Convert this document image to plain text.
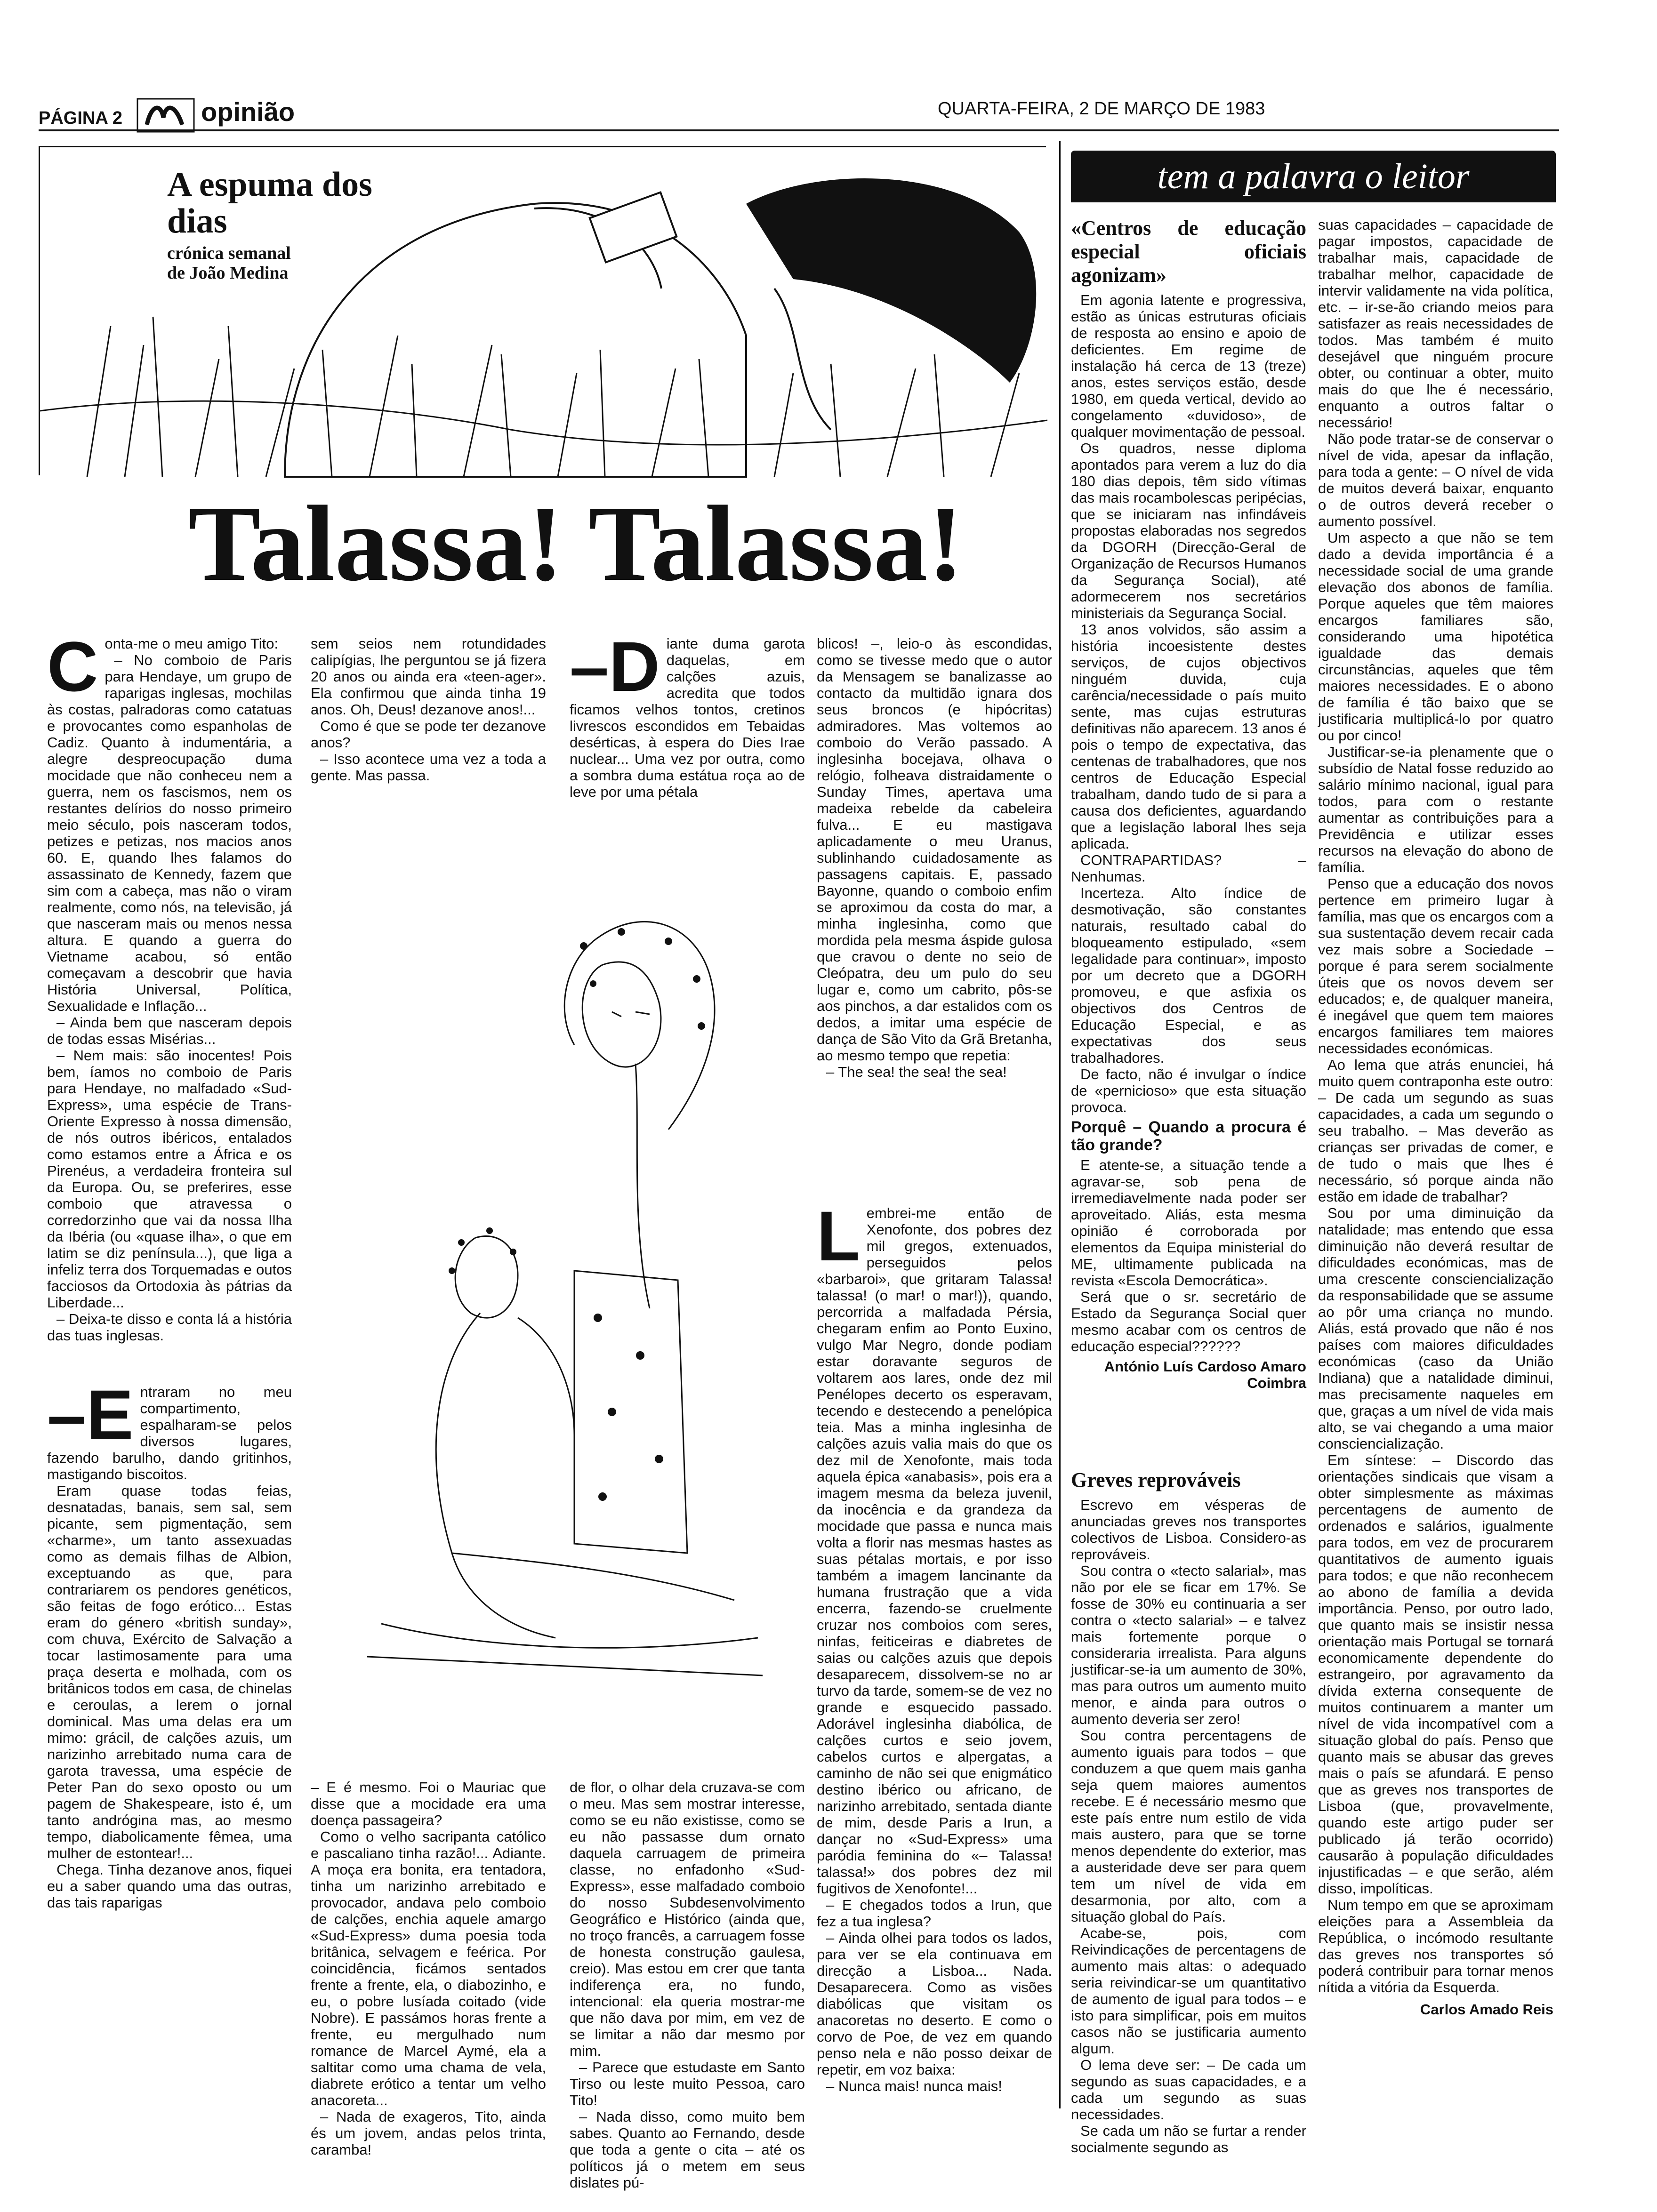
PÁGINA 2	opinião	QUARTA-FEIRA, 2 DE MARÇO DE 1983
A espuma dos dias
crónica semanal de João Medina
Talassa! Talassa!
C onta-me o meu amigo Tito:

– No comboio de Paris para Hendaye, um grupo de raparigas inglesas, mochilas às costas, palradoras como catatuas e provocantes como espanholas de Cadiz. Quanto à indumentária, a alegre despreocupação duma mocidade que não conheceu nem a guerra, nem os fascismos, nem os restantes delírios do nosso primeiro meio século, pois nasceram todos, petizes e petizas, nos macios anos 60. E, quando lhes falamos do assassinato de Kennedy, fazem que sim com a cabeça, mas não o viram realmente, como nós, na televisão, já que nasceram mais ou menos nessa altura. E quando a guerra do Vietname acabou, só então começavam a descobrir que havia História Universal, Política, Sexualidade e Inflação...

– Ainda bem que nasceram depois de todas essas Misérias...

– Nem mais: são inocentes! Pois bem, íamos no comboio de Paris para Hendaye, no malfadado «Sud-Express», uma espécie de Trans-Oriente Expresso à nossa dimensão, de nós outros ibéricos, entalados como estamos entre a África e os Pirenéus, a verdadeira fronteira sul da Europa. Ou, se preferires, esse comboio que atravessa o corredorzinho que vai da nossa Ilha da Ibéria (ou «quase ilha», o que em latim se diz península...), que liga a infeliz terra dos Torquemadas e outos facciosos da Ortodoxia às pátrias da Liberdade...

– Deixa-te disso e conta lá a história das tuas inglesas.

–E ntraram no meu compartimento, espalharam-se pelos diversos lugares, fazendo barulho, dando gritinhos, mastigando biscoitos.

Eram quase todas feias, desnatadas, banais, sem sal, sem picante, sem pigmentação, sem «charme», um tanto assexuadas como as demais filhas de Albion, exceptuando as que, para contrariarem os pendores genéticos, são feitas de fogo erótico... Estas eram do género «british sunday», com chuva, Exército de Salvação a tocar lastimosamente para uma praça deserta e molhada, com os britânicos todos em casa, de chinelas e ceroulas, a lerem o jornal dominical. Mas uma delas era um mimo: grácil, de calções azuis, um narizinho arrebitado numa cara de garota travessa, uma espécie de Peter Pan do sexo oposto ou um pagem de Shakespeare, isto é, um tanto andrógina mas, ao mesmo tempo, diabolicamente fêmea, uma mulher de estontear!...

Chega. Tinha dezanove anos, fiquei eu a saber quando uma das outras, das tais raparigas

sem seios nem rotundidades calipígias, lhe perguntou se já fizera 20 anos ou ainda era «teen-ager». Ela confirmou que ainda tinha 19 anos. Oh, Deus! dezanove anos!...

Como é que se pode ter dezanove anos?

– Isso acontece uma vez a toda a gente. Mas passa.

–D iante duma garota daquelas, em calções azuis, acredita que todos ficamos velhos tontos, cretinos livrescos escondidos em Tebaidas desérticas, à espera do Dies Irae nuclear... Uma vez por outra, como a sombra duma estátua roça ao de leve por uma pétala

– E é mesmo. Foi o Mauriac que disse que a mocidade era uma doença passageira?

Como o velho sacripanta católico e pascaliano tinha razão!... Adiante. A moça era bonita, era tentadora, tinha um narizinho arrebitado e provocador, andava pelo comboio de calções, enchia aquele amargo «Sud-Express» duma poesia toda britânica, selvagem e feérica. Por coincidência, ficámos sentados frente a frente, ela, o diabozinho, e eu, o pobre lusíada coitado (vide Nobre). E passámos horas frente a frente, eu mergulhado num romance de Marcel Aymé, ela a saltitar como uma chama de vela, diabrete erótico a tentar um velho anacoreta...

– Nada de exageros, Tito, ainda és um jovem, andas pelos trinta, caramba!

de flor, o olhar dela cruzava-se com o meu. Mas sem mostrar interesse, como se eu não existisse, como se eu não passasse dum ornato daquela carruagem de primeira classe, no enfadonho «Sud-Express», esse malfadado comboio do nosso Subdesenvolvimento Geográfico e Histórico (ainda que, no troço francês, a carruagem fosse de honesta construção gaulesa, creio). Mas estou em crer que tanta indiferença era, no fundo, intencional: ela queria mostrar-me que não dava por mim, em vez de se limitar a não dar mesmo por mim.

– Parece que estudaste em Santo Tirso ou leste muito Pessoa, caro Tito!

– Nada disso, como muito bem sabes. Quanto ao Fernando, desde que toda a gente o cita – até os políticos já o metem em seus dislates pú-

blicos! –, leio-o às escondidas, como se tivesse medo que o autor da Mensagem se banalizasse ao contacto da multidão ignara dos seus broncos (e hipócritas) admiradores. Mas voltemos ao comboio do Verão passado. A inglesinha bocejava, olhava o relógio, folheava distraidamente o Sunday Times, apertava uma madeixa rebelde da cabeleira fulva... E eu mastigava aplicadamente o meu Uranus, sublinhando cuidadosamente as passagens capitais. E, passado Bayonne, quando o comboio enfim se aproximou da costa do mar, a minha inglesinha, como que mordida pela mesma áspide gulosa que cravou o dente no seio de Cleópatra, deu um pulo do seu lugar e, como um cabrito, pôs-se aos pinchos, a dar estalidos com os dedos, a imitar uma espécie de dança de São Vito da Grã Bretanha, ao mesmo tempo que repetia:

– The sea! the sea! the sea!

L embrei-me então de Xenofonte, dos pobres dez mil gregos, extenuados, perseguidos pelos «barbaroi», que gritaram Talassa! talassa! (o mar! o mar!)), quando, percorrida a malfadada Pérsia, chegaram enfim ao Ponto Euxino, vulgo Mar Negro, donde podiam estar doravante seguros de voltarem aos lares, onde dez mil Penélopes decerto os esperavam, tecendo e destecendo a penelópica teia. Mas a minha inglesinha de calções azuis valia mais do que os dez mil de Xenofonte, mais toda aquela épica «anabasis», pois era a imagem mesma da beleza juvenil, da inocência e da grandeza da mocidade que passa e nunca mais volta a florir nas mesmas hastes as suas pétalas mortais, e por isso também a imagem lancinante da humana frustração que a vida encerra, fazendo-se cruelmente cruzar nos comboios com seres, ninfas, feiticeiras e diabretes de saias ou calções azuis que depois desaparecem, dissolvem-se no ar turvo da tarde, somem-se de vez no grande e esquecido passado. Adorável inglesinha diabólica, de calções curtos e seio jovem, cabelos curtos e alpergatas, a caminho de não sei que enigmático destino ibérico ou africano, de narizinho arrebitado, sentada diante de mim, desde Paris a Irun, a dançar no «Sud-Express» uma paródia feminina do «– Talassa! talassa!» dos pobres dez mil fugitivos de Xenofonte!...

– E chegados todos a Irun, que fez a tua inglesa?

– Ainda olhei para todos os lados, para ver se ela continuava em direcção a Lisboa... Nada. Desaparecera. Como as visões diabólicas que visitam os anacoretas no deserto. E como o corvo de Poe, de vez em quando penso nela e não posso deixar de repetir, em voz baixa:

– Nunca mais! nunca mais!

tem a palavra o leitor
«Centros de educação especial oficiais agonizam»

Em agonia latente e progressiva, estão as únicas estruturas oficiais de resposta ao ensino e apoio de deficientes. Em regime de instalação há cerca de 13 (treze) anos, estes serviços estão, desde 1980, em queda vertical, devido ao congelamento «duvidoso», de qualquer movimentação de pessoal.

Os quadros, nesse diploma apontados para verem a luz do dia 180 dias depois, têm sido vítimas das mais rocambolescas peripécias, que se iniciaram nas infindáveis propostas elaboradas nos segredos da DGORH (Direcção-Geral de Organização de Recursos Humanos da Segurança Social), até adormecerem nos secretários ministeriais da Segurança Social.

13 anos volvidos, são assim a história incoesistente destes serviços, de cujos objectivos ninguém duvida, cuja carência/necessidade o país muito sente, mas cujas estruturas definitivas não aparecem. 13 anos é pois o tempo de expectativa, das centenas de trabalhadores, que nos centros de Educação Especial trabalham, dando tudo de si para a causa dos deficientes, aguardando que a legislação laboral lhes seja aplicada.

CONTRAPARTIDAS? – Nenhumas.

Incerteza. Alto índice de desmotivação, são constantes naturais, resultado cabal do bloqueamento estipulado, «sem legalidade para continuar», imposto por um decreto que a DGORH promoveu, e que asfixia os objectivos dos Centros de Educação Especial, e as expectativas dos seus trabalhadores.

De facto, não é invulgar o índice de «pernicioso» que esta situação provoca.

Porquê – Quando a procura é tão grande?

E atente-se, a situação tende a agravar-se, sob pena de irremediavelmente nada poder ser aproveitado. Aliás, esta mesma opinião é corroborada por elementos da Equipa ministerial do ME, ultimamente publicada na revista «Escola Democrática».

Será que o sr. secretário de Estado da Segurança Social quer mesmo acabar com os centros de educação especial??????

António Luís Cardoso Amaro
Coimbra
Greves reprováveis

Escrevo em vésperas de anunciadas greves nos transportes colectivos de Lisboa. Considero-as reprováveis.

Sou contra o «tecto salarial», mas não por ele se ficar em 17%. Se fosse de 30% eu continuaria a ser contra o «tecto salarial» – e talvez mais fortemente porque o consideraria irrealista. Para alguns justificar-se-ia um aumento de 30%, mas para outros um aumento muito menor, e ainda para outros o aumento deveria ser zero!

Sou contra percentagens de aumento iguais para todos – que conduzem a que quem mais ganha seja quem maiores aumentos recebe. E é necessário mesmo que este país entre num estilo de vida mais austero, para que se torne menos dependente do exterior, mas a austeridade deve ser para quem tem um nível de vida em desarmonia, por alto, com a situação global do País.

Acabe-se, pois, com Reivindicações de percentagens de aumento mais altas: o adequado seria reivindicar-se um quantitativo de aumento de igual para todos – e isto para simplificar, pois em muitos casos não se justificaria aumento algum.

O lema deve ser: – De cada um segundo as suas capacidades, e a cada um segundo as suas necessidades.

Se cada um não se furtar a render socialmente segundo as

suas capacidades – capacidade de pagar impostos, capacidade de trabalhar mais, capacidade de trabalhar melhor, capacidade de intervir validamente na vida política, etc. – ir-se-ão criando meios para satisfazer as reais necessidades de todos. Mas também é muito desejável que ninguém procure obter, ou continuar a obter, muito mais do que lhe é necessário, enquanto a outros faltar o necessário!

Não pode tratar-se de conservar o nível de vida, apesar da inflação, para toda a gente: – O nível de vida de muitos deverá baixar, enquanto o de outros deverá receber o aumento possível.

Um aspecto a que não se tem dado a devida importância é a necessidade social de uma grande elevação dos abonos de família. Porque aqueles que têm maiores encargos familiares são, considerando uma hipotética igualdade das demais circunstâncias, aqueles que têm maiores necessidades. E o abono de família é tão baixo que se justificaria multiplicá-lo por quatro ou por cinco!

Justificar-se-ia plenamente que o subsídio de Natal fosse reduzido ao salário mínimo nacional, igual para todos, para com o restante aumentar as contribuições para a Previdência e utilizar esses recursos na elevação do abono de família.

Penso que a educação dos novos pertence em primeiro lugar à família, mas que os encargos com a sua sustentação devem recair cada vez mais sobre a Sociedade – porque é para serem socialmente úteis que os novos devem ser educados; e, de qualquer maneira, é inegável que quem tem maiores encargos familiares tem maiores necessidades económicas.

Ao lema que atrás enunciei, há muito quem contraponha este outro: – De cada um segundo as suas capacidades, a cada um segundo o seu trabalho. – Mas deverão as crianças ser privadas de comer, e de tudo o mais que lhes é necessário, só porque ainda não estão em idade de trabalhar?

Sou por uma diminuição da natalidade; mas entendo que essa diminuição não deverá resultar de dificuldades económicas, mas de uma crescente consciencialização da responsabilidade que se assume ao pôr uma criança no mundo. Aliás, está provado que não é nos países com maiores dificuldades económicas (caso da União Indiana) que a natalidade diminui, mas precisamente naqueles em que, graças a um nível de vida mais alto, se vai chegando a uma maior consciencialização.

Em síntese: – Discordo das orientações sindicais que visam a obter simplesmente as máximas percentagens de aumento de ordenados e salários, igualmente para todos, em vez de procurarem quantitativos de aumento iguais para todos; e que não reconhecem ao abono de família a devida importância. Penso, por outro lado, que quanto mais se insistir nessa orientação mais Portugal se tornará economicamente dependente do estrangeiro, por agravamento da dívida externa consequente de muitos continuarem a manter um nível de vida incompatível com a situação global do país. Penso que quanto mais se abusar das greves mais o país se afundará. E penso que as greves nos transportes de Lisboa (que, provavelmente, quando este artigo puder ser publicado já terão ocorrido) causarão à população dificuldades injustificadas – e que serão, além disso, impolíticas.

Num tempo em que se aproximam eleições para a Assembleia da República, o incómodo resultante das greves nos transportes só poderá contribuir para tornar menos nítida a vitória da Esquerda.

Carlos Amado Reis
